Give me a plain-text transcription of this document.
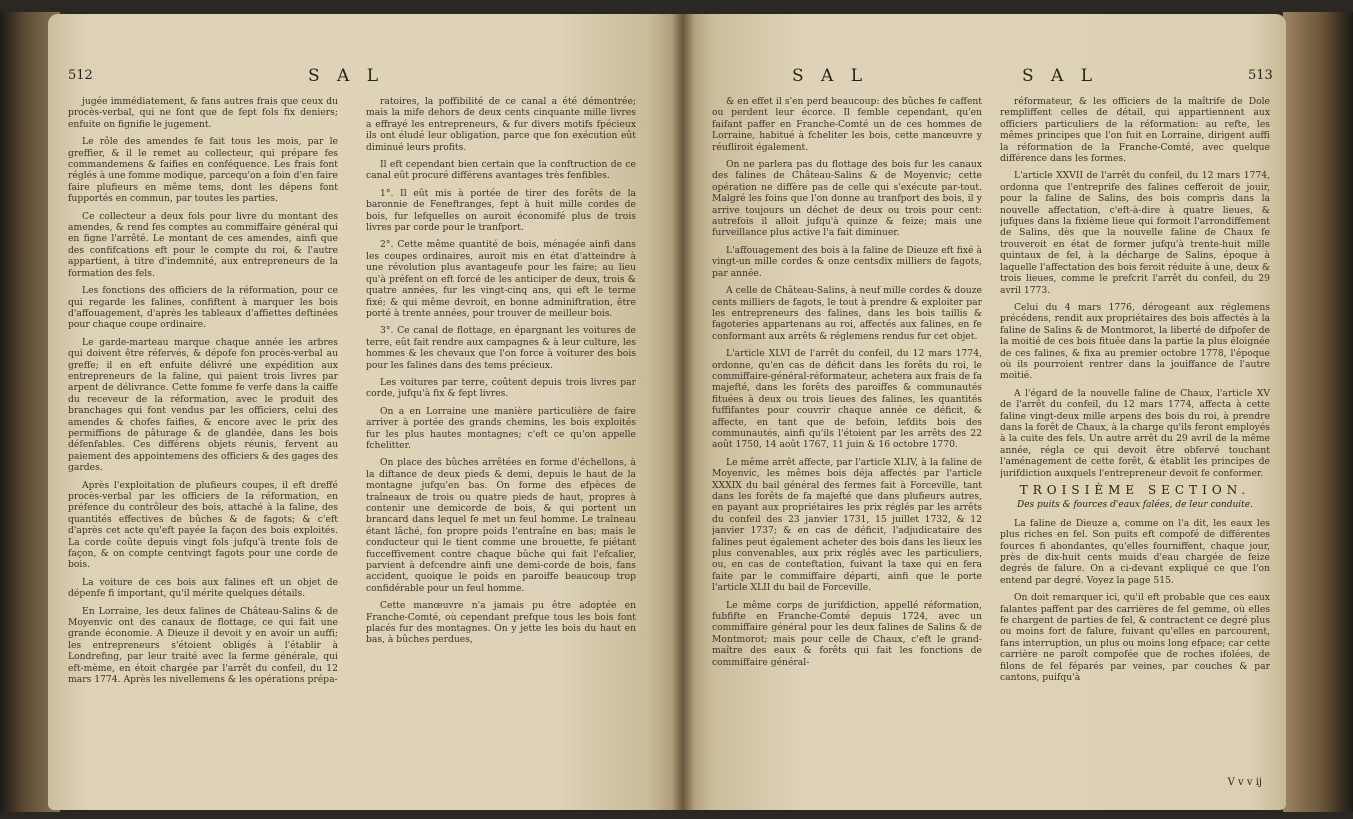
512	S A L

jugée immédiatement, & fans autres frais que ceux du procès-verbal, qui ne font que de fept fols fix deniers; enfuite on fignifie le jugement.

Le rôle des amendes fe fait tous les mois, par le greffier, & il le remet au collecteur, qui prépare fes commandemens & faifies en conféquence. Les frais font réglés à une fomme modique, parcequ'on a foin d'en faire faire plufieurs en même tems, dont les dépens font fupportés en commun, par toutes les parties.

Ce collecteur a deux fols pour livre du montant des amendes, & rend fes comptes au commiffaire général qui en figne l'arrêté. Le montant de ces amendes, ainfi que des confifcations eft pour le compte du roi, & l'autre appartient, à titre d'indemnité, aux entrepreneurs de la formation des fels.

Les fonctions des officiers de la réformation, pour ce qui regarde les falines, confiftent à marquer les bois d'affouagement, d'après les tableaux d'affiettes deftinées pour chaque coupe ordinaire.

Le garde-marteau marque chaque année les arbres qui doivent être réfervés, & dépofe fon procès-verbal au greffe; il en eft enfuite délivré une expédition aux entrepreneurs de la faline, qui paient trois livres par arpent de délivrance. Cette fomme fe verfe dans la caiffe du receveur de la réformation, avec le produit des branchages qui font vendus par les officiers, celui des amendes & chofes faifies, & encore avec le prix des permiffions de pâturage & de glandée, dans les bois défenfables. Ces différens objets réunis, fervent au paiement des appointemens des officiers & des gages des gardes.

Après l'exploitation de plufieurs coupes, il eft dreffé procès-verbal par les officiers de la réformation, en préfence du contrôleur des bois, attaché à la faline, des quantités effectives de bûches & de fagots; & c'eft d'après cet acte qu'eft payée la façon des bois exploités. La corde coûte depuis vingt fols jufqu'à trente fols de façon, & on compte centvingt fagots pour une corde de bois.

La voiture de ces bois aux falines eft un objet de dépenfe fi important, qu'il mérite quelques détails.

En Lorraine, les deux falines de Château-Salins & de Moyenvic ont des canaux de flottage, ce qui fait une grande économie. A Dieuze il devoit y en avoir un auffi; les entrepreneurs s'étoient obligés à l'établir à Londrefing, par leur traité avec la ferme générale, qui eft-mème, en étoit chargée par l'arrêt du confeil, du 12 mars 1774. Après les nivellemens & les opérations prépa-

ratoires, la poffibilité de ce canal a été démontrée; mais la mife dehors de deux cents cinquante mille livres a effrayé les entrepreneurs, & fur divers motifs fpécieux ils ont éludé leur obligation, parce que fon exécution eût diminué leurs profits.

Il eft cependant bien certain que la conftruction de ce canal eût procuré différens avantages très fenfibles.

1°. Il eût mis à portée de tirer des forêts de la baronnie de Feneftranges, fept à huit mille cordes de bois, fur lefquelles on auroit économifé plus de trois livres par corde pour le tranfport.

2°. Cette même quantité de bois, ménagée ainfi dans les coupes ordinaires, auroit mis en état d'atteindre à une révolution plus avantageufe pour les faire; au lieu qu'à préfent on eft forcé de les anticiper de deux, trois & quatre années, fur les vingt-cinq ans, qui eft le terme fixé; & qui même devroit, en bonne adminiftration, être porté à trente années, pour trouver de meilleur bois.

3°. Ce canal de flottage, en épargnant les voitures de terre, eût fait rendre aux campagnes & à leur culture, les hommes & les chevaux que l'on force à voiturer des bois pour les falines dans des tems précieux.

Les voitures par terre, coûtent depuis trois livres par corde, jufqu'à fix & fept livres.

On a en Lorraine une manière particulière de faire arriver à portée des grands chemins, les bois exploités fur les plus hautes montagnes; c'eft ce qu'on appelle fchelitter.

On place des bûches arrêtées en forme d'échellons, à la diftance de deux pieds & demi, depuis le haut de la montagne jufqu'en bas. On forme des efpèces de traîneaux de trois ou quatre pieds de haut, propres à contenir une demicorde de bois, & qui portent un brancard dans lequel fe met un feul homme. Le traîneau étant lâché, fon propre poids l'entraîne en bas; mais le conducteur qui le tient comme une brouette, fe piétant fucceffivement contre chaque bûche qui fait l'efcalier, parvient à defcendre ainfi une demi-corde de bois, fans accident, quoique le poids en paroiffe beaucoup trop confidérable pour un feul homme.

Cette manœuvre n'a jamais pu être adoptée en Franche-Comté, où cependant prefque tous les bois font placés fur des montagnes. On y jette les bois du haut en bas, à bûches perdues,

S A L	S A L	513

& en effet il s'en perd beaucoup: des bûches fe caffent ou perdent leur écorce. Il femble cependant, qu'en faifant paffer en Franche-Comté un de ces hommes de Lorraine, habitué à fcheliter les bois, cette manœuvre y réufliroit également.

On ne parlera pas du flottage des bois fur les canaux des falines de Château-Salins & de Moyenvic; cette opération ne diffère pas de celle qui s'exécute par-tout. Malgré les foins que l'on donne au tranfport des bois, il y arrive toujours un déchet de deux ou trois pour cent: autrefois il alloit jufqu'à quinze & feize; mais une furveillance plus active l'a fait diminuer.

L'affouagement des bois à la faline de Dieuze eft fixé à vingt-un mille cordes & onze centsdix milliers de fagots, par année.

A celle de Château-Salins, à neuf mille cordes & douze cents milliers de fagots, le tout à prendre & exploiter par les entrepreneurs des falines, dans les bois taillis & fagoteries appartenans au roi, affectés aux falines, en fe conformant aux arrêts & réglemens rendus fur cet objet.

L'article XLVI de l'arrêt du confeil, du 12 mars 1774, ordonne, qu'en cas de déficit dans les forêts du roi, le commiffaire-général-réformateur, achetera aux frais de fa majefté, dans les forêts des paroiffes & communautés fituées à deux ou trois lieues des falines, les quantités fuffifantes pour couvrir chaque année ce déficit, & affecte, en tant que de befoin, lefdits bois des communautés, ainfi qu'ils l'étoient par les arrêts des 22 août 1750, 14 août 1767, 11 juin & 16 octobre 1770.

Le même arrêt affecte, par l'article XLIV, à la faline de Moyenvic, les mêmes bois déja affectés par l'article XXXIX du bail général des fermes fait à Forceville, tant dans les forêts de fa majefté que dans plufieurs autres, en payant aux propriétaires les prix réglés par les arrêts du confeil des 23 janvier 1731, 15 juillet 1732, & 12 janvier 1737; & en cas de déficit, l'adjudicataire des falines peut également acheter des bois dans les lieux les plus convenables, aux prix réglés avec les particuliers, ou, en cas de conteftation, fuivant la taxe qui en fera faite par le commiffaire départi, ainfi que le porte l'article XLII du bail de Forceville.

Le même corps de jurifdiction, appellé réformation, fubfifte en Franche-Comté depuis 1724, avec un commiffaire général pour les deux falines de Salins & de Montmorot; mais pour celle de Chaux, c'eft le grand-maître des eaux & forêts qui fait les fonctions de commiffaire général-

réformateur, & les officiers de la maîtrife de Dole rempliffent celles de détail, qui appartiennent aux officiers particuliers de la réformation: au refte, les mêmes principes que l'on fuit en Lorraine, dirigent auffi la réformation de la Franche-Comté, avec quelque différence dans les formes.

L'article XXVII de l'arrêt du confeil, du 12 mars 1774, ordonna que l'entreprife des falines cefferoit de jouir, pour la faline de Salins, des bois compris dans la nouvelle affectation, c'eft-à-dire à quatre lieues, & jufques dans la fixième lieue qui formoit l'arrondiffement de Salins, dès que la nouvelle faline de Chaux fe trouveroit en état de former jufqu'à trente-huit mille quintaux de fel, à la décharge de Salins, époque à laquelle l'affectation des bois feroit réduite à une, deux & trois lieues, comme le prefcrit l'arrêt du confeil, du 29 avril 1773.

Celui du 4 mars 1776, dérogeant aux réglemens précédens, rendit aux propriétaires des bois affectés à la faline de Salins & de Montmorot, la liberté de difpofer de la moitié de ces bois fituée dans la partie la plus éloignée de ces falines, & fixa au premier octobre 1778, l'époque où ils pourroient rentrer dans la jouiffance de l'autre moitié.

A l'égard de la nouvelle faline de Chaux, l'article XV de l'arrêt du confeil, du 12 mars 1774, affecta à cette faline vingt-deux mille arpens des bois du roi, à prendre dans la forêt de Chaux, à la charge qu'ils feront employés à la cuite des fels. Un autre arrêt du 29 avril de la même année, régla ce qui devoit être obfervé touchant l'aménagement de cette forêt, & établit les principes de jurifdiction auxquels l'entrepreneur devoit fe conformer.

TROISIÈME SECTION.
Des puits & fources d'eaux falées, de leur conduite.

La faline de Dieuze a, comme on l'a dit, les eaux les plus riches en fel. Son puits eft compofé de différentes fources fi abondantes, qu'elles fourniffent, chaque jour, près de dix-huit cents muids d'eau chargée de feize degrés de falure. On a ci-devant expliqué ce que l'on entend par degré. Voyez la page 515.

On doit remarquer ici, qu'il eft probable que ces eaux falantes paffent par des carrières de fel gemme, où elles fe chargent de parties de fel, & contractent ce degré plus ou moins fort de falure, fuivant qu'elles en parcourent, fans interruption, un plus ou moins long efpace; car cette carrière ne paroît compofée que de roches ifolées, de filons de fel féparés par veines, par couches & par cantons, puifqu'à

V v v ij
